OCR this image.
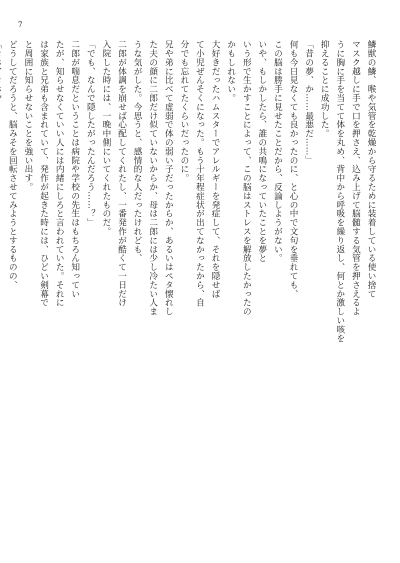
7
鱗獣の鱗、喉や気管を乾燥から守るために装着している使い捨て
マスク越しに手で口を押さえ、込み上げて脳髄する気管を押さえるよ
うに胸に手を当てて体を丸め、背中から呼吸を繰り返し、何とか激しい咳を
抑えることに成功した。
「昔の夢、か……最悪だ……」
何も今日見なくても良かったのに、と心の中で文句を垂れても、
この脳は勝手に見せたことだから、反論しようがない。
いや、もしかしたら、誰の共鳴になっていたことを夢と
いう形で生かすことによって、この脳はストレスを解放したかったの
かもしれない。
大好きだったハムスターでアレルギーを発症して、それを隠せば
て小児ぜんそくになった。もう十年程症状が出てなかったから、自
分でも忘れてたくらいだったのに。
兄や弟に比べて虚弱で体の弱い子だったからか、あるいはペタ懐れし
た夫の顔に二郎だけ似ていないからか、母は二郎には少し冷たい人ま
うな気がした。今思うと、感情的な人だったけれども、
二郎が体調を崩せば心配してくれたし、一番発作が酷くて一日だけ
入院した時には、一晩中側にいてくれたものだ。
「でも、なんで隠したがったんだろう……？」
二郎が喘息だということは病院や学校の先生はもちろん知ってい
たが、知らせなくていい人には内緒にしろと言われていた。それに
は家族と兄弟も含まれていて、発作が起きた時には、ひどい剣幕で
と周囲に知らせないことを強い出す。
どうしてだろうと、脳みそを回転させてみようとするものの、
